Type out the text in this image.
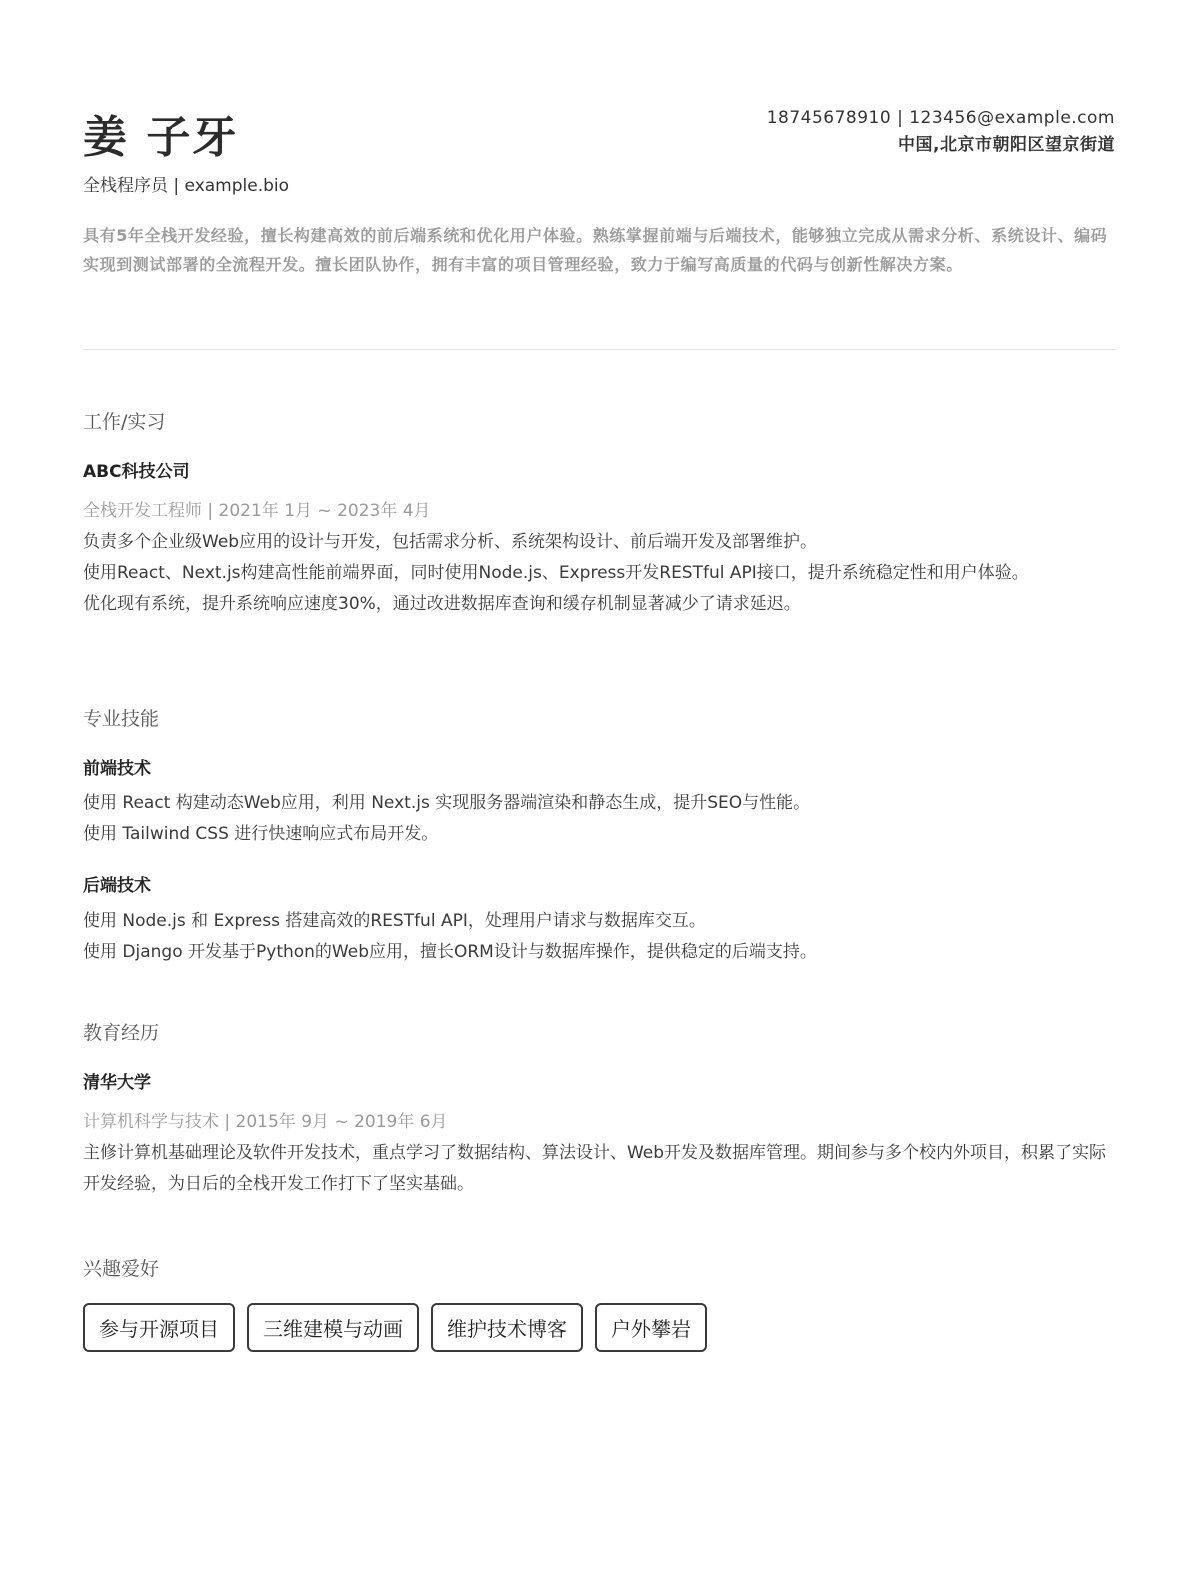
姜 子牙
全栈程序员 | example.bio
18745678910 | 123456@example.com
中国,北京市朝阳区望京街道
具有5年全栈开发经验，擅长构建高效的前后端系统和优化用户体验。熟练掌握前端与后端技术，能够独立完成从需求分析、系统设计、编码实现到测试部署的全流程开发。擅长团队协作，拥有丰富的项目管理经验，致力于编写高质量的代码与创新性解决方案。
工作/实习
ABC科技公司
全栈开发工程师 | 2021年 1月 ~ 2023年 4月

负责多个企业级Web应用的设计与开发，包括需求分析、系统架构设计、前后端开发及部署维护。

使用React、Next.js构建高性能前端界面，同时使用Node.js、Express开发RESTful API接口，提升系统稳定性和用户体验。

优化现有系统，提升系统响应速度30%，通过改进数据库查询和缓存机制显著减少了请求延迟。

专业技能
前端技术

使用 React 构建动态Web应用，利用 Next.js 实现服务器端渲染和静态生成，提升SEO与性能。

使用 Tailwind CSS 进行快速响应式布局开发。

后端技术

使用 Node.js 和 Express 搭建高效的RESTful API，处理用户请求与数据库交互。

使用 Django 开发基于Python的Web应用，擅长ORM设计与数据库操作，提供稳定的后端支持。

教育经历
清华大学
计算机科学与技术 | 2015年 9月 ~ 2019年 6月
主修计算机基础理论及软件开发技术，重点学习了数据结构、算法设计、Web开发及数据库管理。期间参与多个校内外项目，积累了实际开发经验，为日后的全栈开发工作打下了坚实基础。
兴趣爱好
参与开源项目	三维建模与动画	维护技术博客	户外攀岩
